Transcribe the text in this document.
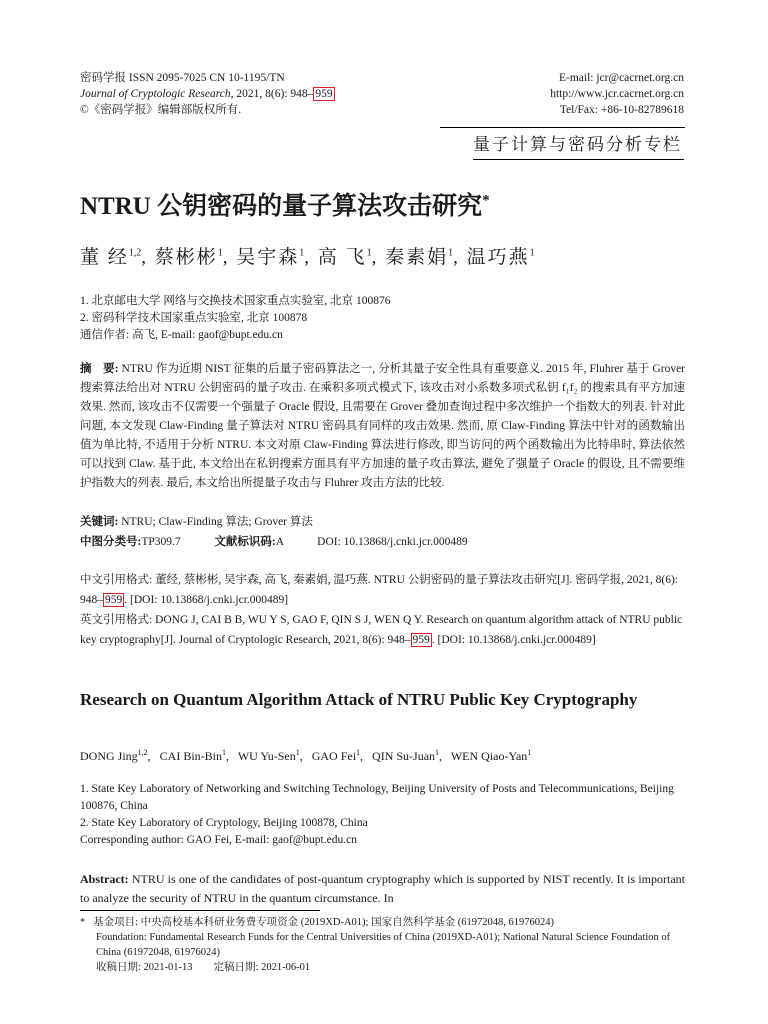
密码学报 ISSN 2095-7025 CN 10-1195/TN
Journal of Cryptologic Research, 2021, 8(6): 948– 959
©《密码学报》编辑部版权所有.
E-mail: jcr@cacrnet.org.cn
http://www.jcr.cacrnet.org.cn
Tel/Fax: +86-10-82789618
量子计算与密码分析专栏
NTRU 公钥密码的量子算法攻击研究*
董 经$^{1,2}$, 蔡彬彬$^1$, 吴宇森$^1$, 高 飞$^1$, 秦素娟$^1$, 温巧燕$^1$
1. 北京邮电大学 网络与交换技术国家重点实验室, 北京 100876
2. 密码科学技术国家重点实验室, 北京 100878
通信作者: 高飞, E-mail: gaof@bupt.edu.cn
摘　要: NTRU 作为近期 NIST 征集的后量子密码算法之一, 分析其量子安全性具有重要意义. 2015 年, Fluhrer 基于 Grover 搜索算法给出对 NTRU 公钥密码的量子攻击. 在乘积多项式模式下, 该攻击对小系数多项式私钥 f₁f₂ 的搜索具有平方加速效果. 然而, 该攻击不仅需要一个强量子 Oracle 假设, 且需要在 Grover 叠加查询过程中多次维护一个指数大的列表. 针对此问题, 本文发现 Claw-Finding 量子算法对 NTRU 密码具有同样的攻击效果. 然而, 原 Claw-Finding 算法中针对的函数输出值为单比特, 不适用于分析 NTRU. 本文对原 Claw-Finding 算法进行修改, 即当访问的两个函数输出为比特串时, 算法依然可以找到 Claw. 基于此, 本文给出在私钥搜索方面具有平方加速的量子攻击算法, 避免了强量子 Oracle 的假设, 且不需要维护指数大的列表. 最后, 本文给出所提量子攻击与 Fluhrer 攻击方法的比较.
关键词: NTRU; Claw-Finding 算法; Grover 算法
中图分类号:TP309.7	文献标识码:A	DOI: 10.13868/j.cnki.jcr.000489
中文引用格式: 董经, 蔡彬彬, 吴宇森, 高飞, 秦素娟, 温巧燕. NTRU 公钥密码的量子算法攻击研究[J]. 密码学报, 2021, 8(6): 948– 959 . [DOI: 10.13868/j.cnki.jcr.000489]
英文引用格式: DONG J, CAI B B, WU Y S, GAO F, QIN S J, WEN Q Y. Research on quantum algorithm attack of NTRU public key cryptography[J]. Journal of Cryptologic Research, 2021, 8(6): 948– 959 . [DOI: 10.13868/j.cnki.jcr.000489]
Research on Quantum Algorithm Attack of NTRU Public Key Cryptography
DONG Jing$^{1,2}$,   CAI Bin-Bin$^1$,   WU Yu-Sen$^1$,   GAO Fei$^1$,   QIN Su-Juan$^1$,   WEN Qiao-Yan$^1$
1. State Key Laboratory of Networking and Switching Technology, Beijing University of Posts and Telecommunications, Beijing 100876, China
2. State Key Laboratory of Cryptology, Beijing 100878, China
Corresponding author: GAO Fei, E-mail: gaof@bupt.edu.cn
Abstract: NTRU is one of the candidates of post-quantum cryptography which is supported by NIST recently. It is important to analyze the security of NTRU in the quantum circumstance. In
* 基金项目: 中央高校基本科研业务费专项资金 (2019XD-A01); 国家自然科学基金 (61972048, 61976024)
Foundation: Fundamental Research Funds for the Central Universities of China (2019XD-A01); National Natural Science Foundation of China (61972048, 61976024)
收稿日期: 2021-01-13　　定稿日期: 2021-06-01
